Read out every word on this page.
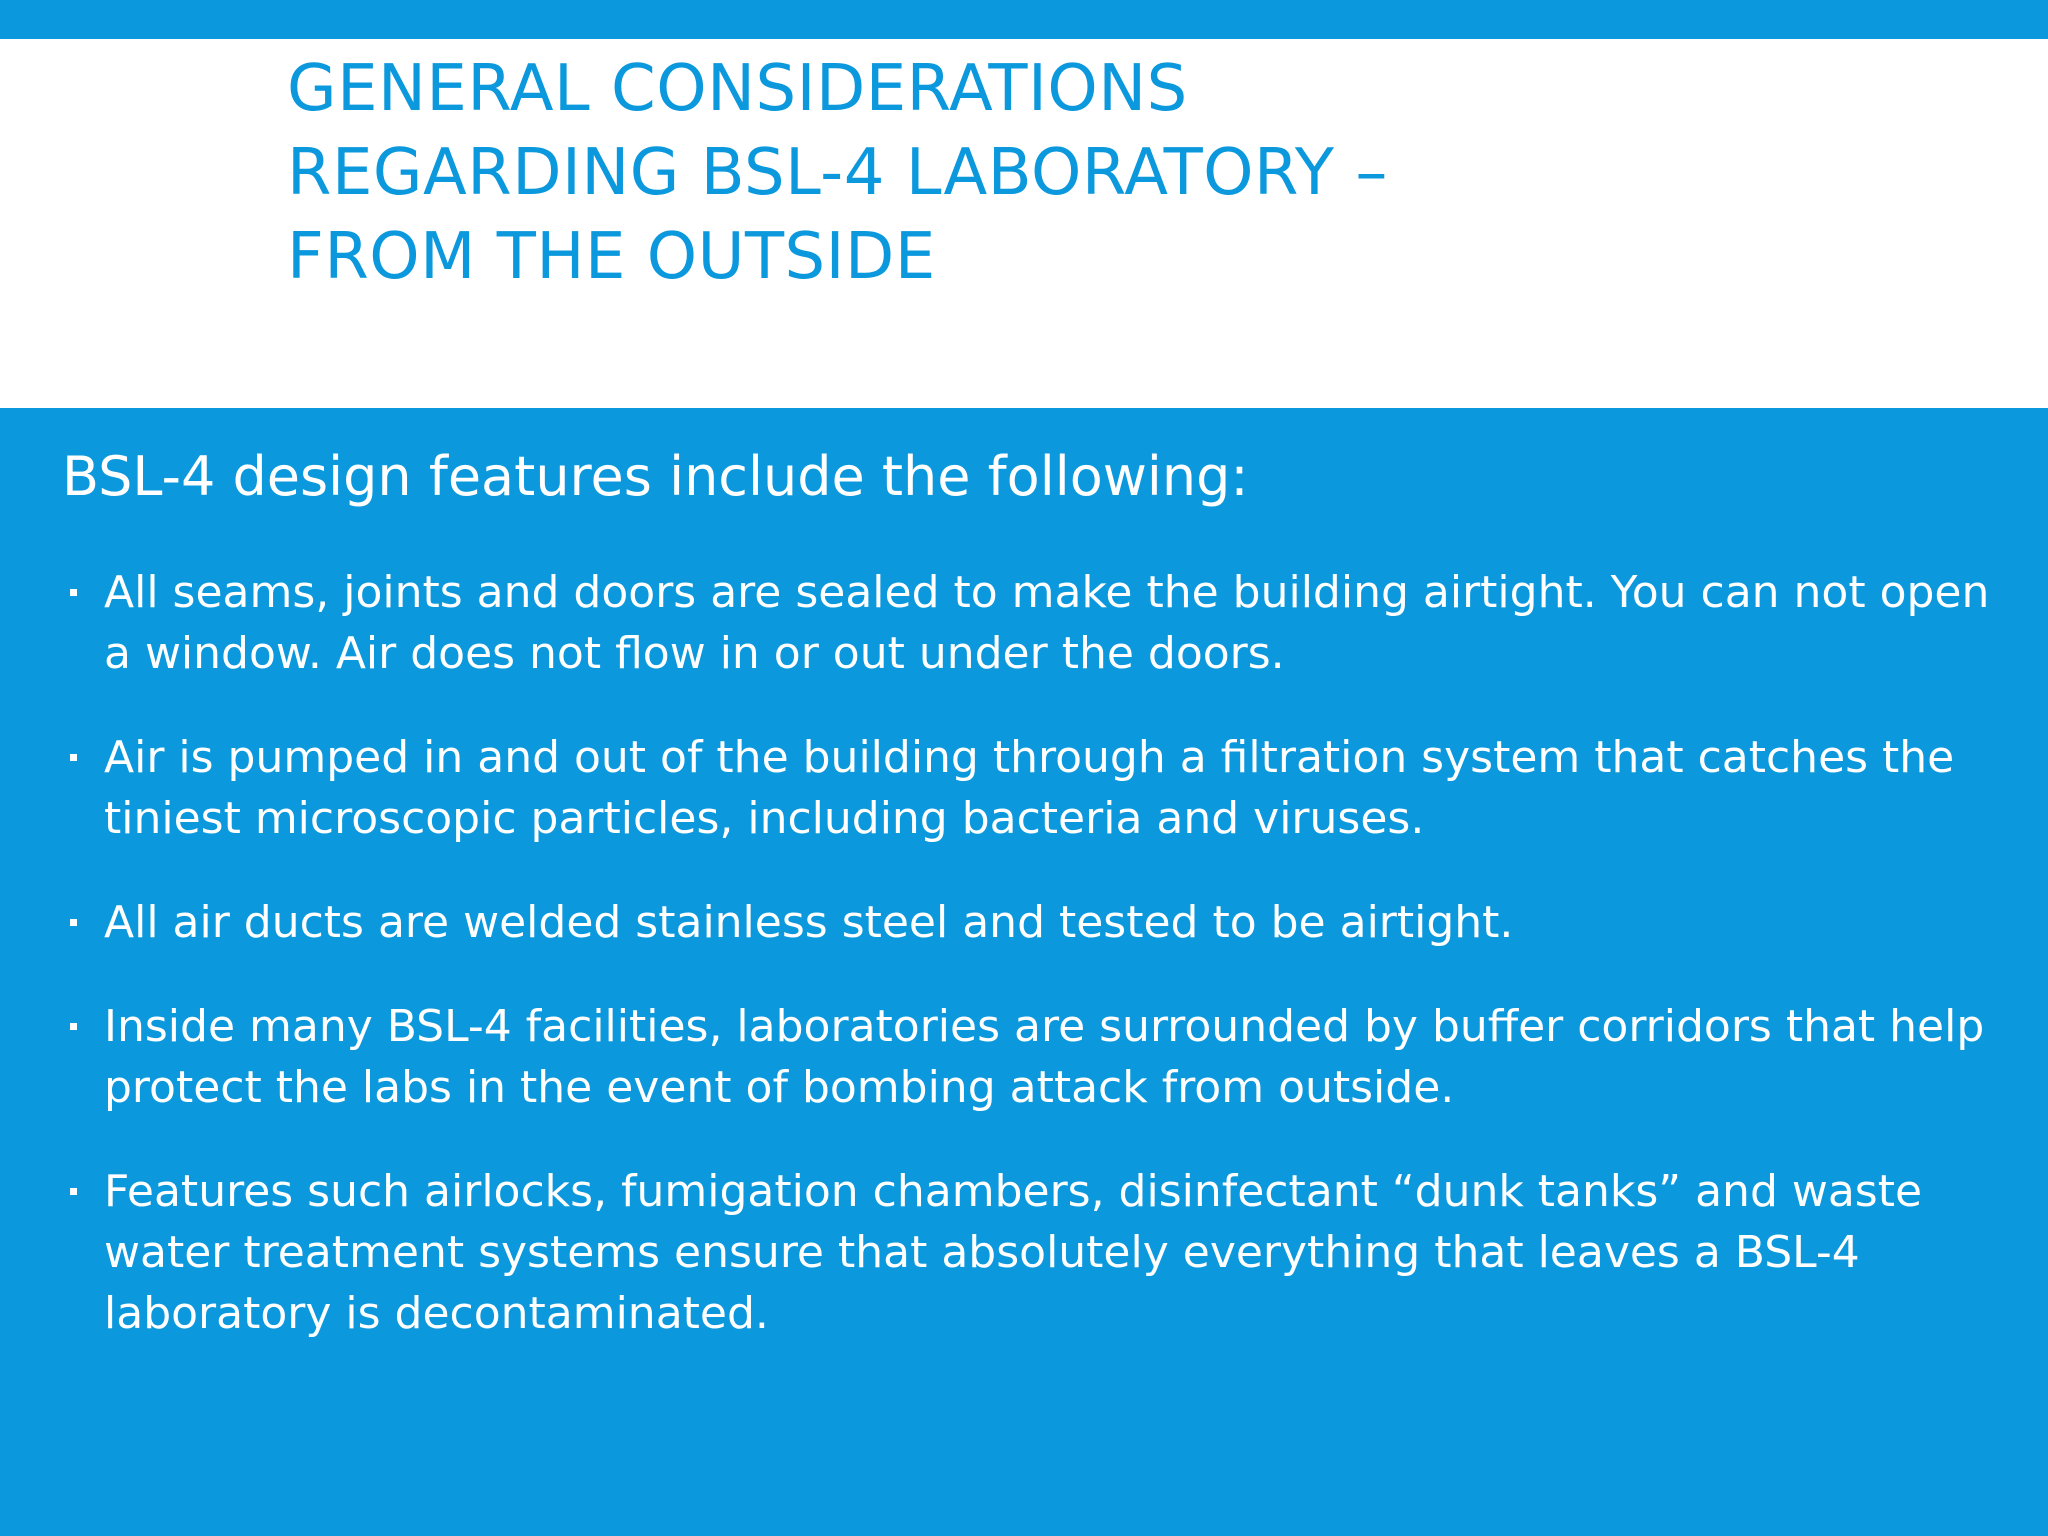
GENERAL CONSIDERATIONS
REGARDING BSL-4 LABORATORY –
FROM THE OUTSIDE

BSL-4 design features include the following:

All seams, joints and doors are sealed to make the building airtight. You can not open a window. Air does not flow in or out under the doors.
Air is pumped in and out of the building through a filtration system that catches the tiniest microscopic particles, including bacteria and viruses.
All air ducts are welded stainless steel and tested to be airtight.
Inside many BSL-4 facilities, laboratories are surrounded by buffer corridors that help protect the labs in the event of bombing attack from outside.
Features such airlocks, fumigation chambers, disinfectant “dunk tanks” and waste water treatment systems ensure that absolutely everything that leaves a BSL-4 laboratory is decontaminated.
